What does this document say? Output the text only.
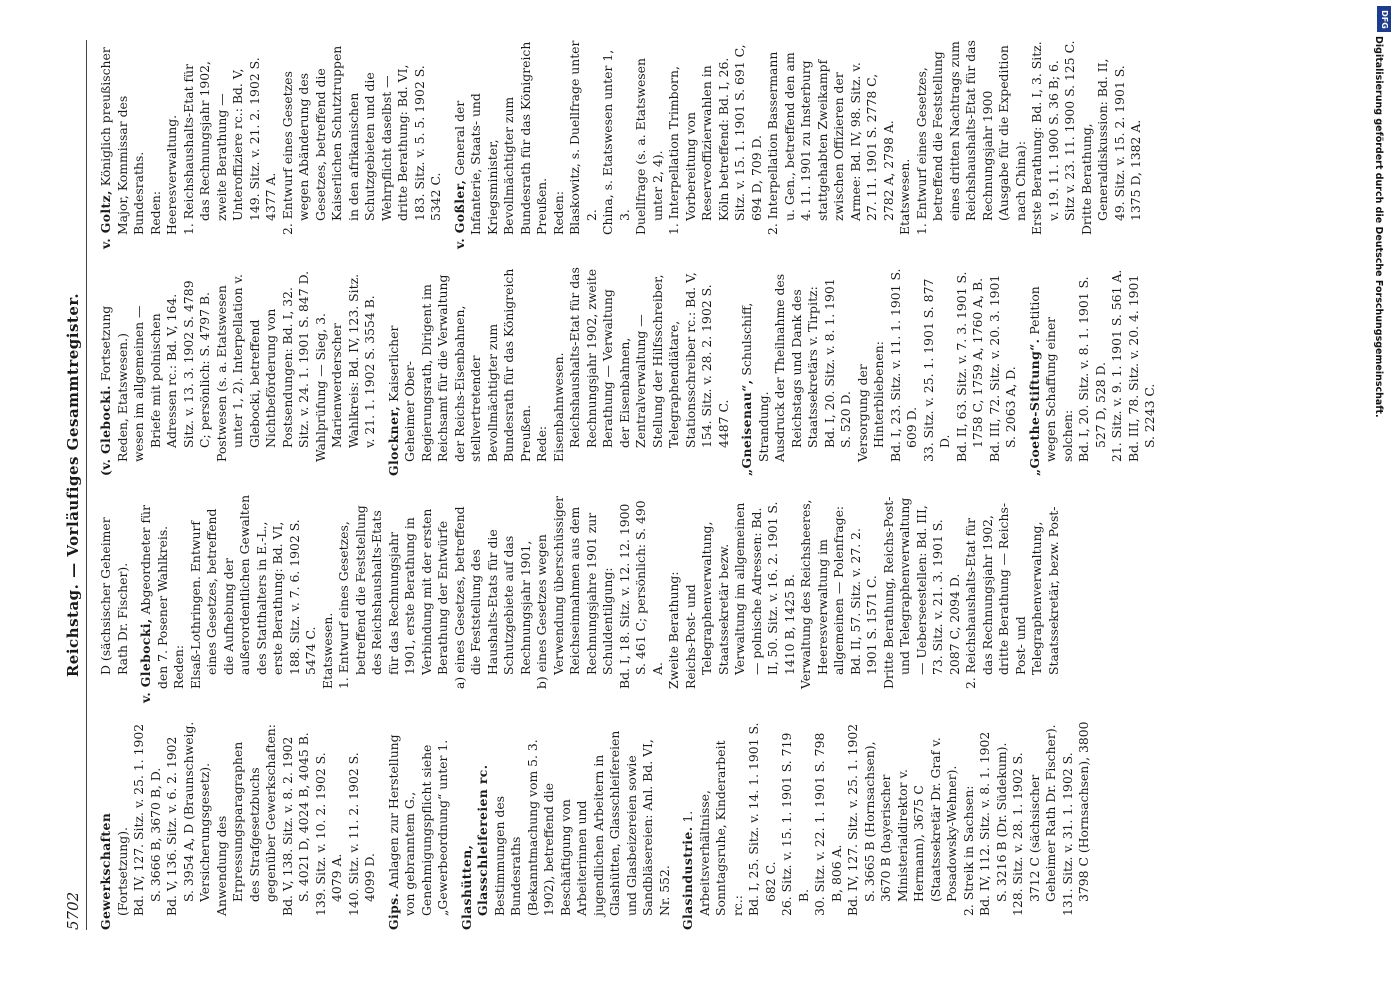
5702
Reichstag. — Vorläufiges Gesammtregister.

Gewerkschaften (Fortsetzung). Bd. IV, 127. Sitz. v. 25. 1. 1902 S. 3666 B, 3670 B, D. Bd. V, 136. Sitz. v. 6. 2. 1902 S. 3954 A, D (Braunschweig. Versicherungsgesetz). Anwendung des Erpressungsparagraphen des Strafgesetzbuchs gegenüber Gewerkschaften: Bd. V, 138. Sitz. v. 8. 2. 1902 S. 4021 D, 4024 B, 4045 B. 139. Sitz. v. 10. 2. 1902 S. 4079 A. 140. Sitz. v. 11. 2. 1902 S. 4099 D.

Gips. Anlagen zur Herstellung von gebranntem G., Genehmigungspflicht siehe „Gewerbeordnung“ unter 1. Glashütten, Glasschleifereien rc. Bestimmungen des Bundesraths (Bekanntmachung vom 5. 3. 1902), betreffend die Beschäftigung von Arbeiterinnen und jugendlichen Arbeitern in Glashütten, Glasschleifereien und Glasbeizereien sowie Sandbläsereien: Anl. Bd. VI, Nr. 552. Glasindustrie. 1. Arbeitsverhältnisse, Sonntagsruhe, Kinderarbeit rc.: Bd. I, 25. Sitz. v. 14. 1. 1901 S. 682 C. 26. Sitz. v. 15. 1. 1901 S. 719 B. 30. Sitz. v. 22. 1. 1901 S. 798 B, 806 A. Bd. IV, 127. Sitz. v. 25. 1. 1902 S. 3665 B (Hornsachsen), 3670 B (bayerischer Ministerialdirektor v. Hermann), 3675 C (Staatssekretär Dr. Graf v. Posadowsky-Wehner). 2. Streik in Sachsen: Bd. IV, 112. Sitz. v. 8. 1. 1902 S. 3216 B (Dr. Südekum). 128. Sitz. v. 28. 1. 1902 S. 3712 C (sächsischer Geheimer Rath Dr. Fischer). 131. Sitz. v. 31. 1. 1902 S. 3798 C (Hornsachsen), 3800 D (sächsischer Geheimer Rath Dr. Fischer). v. Glebocki, Abgeordneter für den 7. Posener Wahlkreis. Reden: Elsaß-Lothringen. Entwurf eines Gesetzes, betreffend die Aufhebung der außerordentlichen Gewalten des Statthalters in E.-L., erste Berathung: Bd. VI, 188. Sitz. v. 7. 6. 1902 S. 5474 C. Etatswesen. 1. Entwurf eines Gesetzes, betreffend die Feststellung des Reichshaushalts-Etats für das Rechnungsjahr 1901, erste Berathung in Verbindung mit der ersten Berathung der Entwürfe a) eines Gesetzes, betreffend die Feststellung des Haushalts-Etats für die Schutzgebiete auf das Rechnungsjahr 1901, b) eines Gesetzes wegen Verwendung überschüssiger Reichseinnahmen aus dem Rechnungsjahre 1901 zur Schuldentilgung: Bd. I, 18. Sitz. v. 12. 12. 1900 S. 461 C; persönlich: S. 490 A. Zweite Berathung: Reichs-Post- und Telegraphenverwaltung, Staatssekretär bezw. Verwaltung im allgemeinen — polnische Adressen: Bd. II, 50. Sitz. v. 16. 2. 1901 S. 1410 B, 1425 B. Verwaltung des Reichsheeres, Heeresverwaltung im allgemeinen — Polenfrage: Bd. II, 57. Sitz. v. 27. 2. 1901 S. 1571 C. Dritte Berathung, Reichs-Post- und Telegraphenverwaltung — Ueberseestellen: Bd. III, 73. Sitz. v. 21. 3. 1901 S. 2087 C, 2094 D. 2. Reichshaushalts-Etat für das Rechnungsjahr 1902, dritte Berathung — Reichs-Post- und Telegraphenverwaltung, Staatssekretär, bezw. Post-

(v. Glebocki. Fortsetzung Reden, Etatswesen.) wesen im allgemeinen — Briefe mit polnischen Adressen rc.: Bd. V, 164. Sitz. v. 13. 3. 1902 S. 4789 C; persönlich: S. 4797 B. Postwesen (s. a. Etatswesen unter 1, 2). Interpellation v. Glebocki, betreffend Nichtbeförderung von Postsendungen: Bd. I, 32. Sitz. v. 24. 1. 1901 S. 847 D. Wahlprüfung — Sieg, 3. Marienwerderscher Wahlkreis: Bd. IV, 123. Sitz. v. 21. 1. 1902 S. 3554 B. Glockner, Kaiserlicher Geheimer Ober-Regierungsrath, Dirigent im Reichsamt für die Verwaltung der Reichs-Eisenbahnen, stellvertretender Bevollmächtigter zum Bundesrath für das Königreich Preußen. Rede: Eisenbahnwesen. Reichshaushalts-Etat für das Rechnungsjahr 1902, zweite Berathung — Verwaltung der Eisenbahnen, Zentralverwaltung — Stellung der Hilfsschreiber, Telegraphendiätare, Stationsschreiber rc.: Bd. V, 154. Sitz. v. 28. 2. 1902 S. 4487 C. „Gneisenau“, Schulschiff, Strandung. Ausdruck der Theilnahme des Reichstags und Dank des Staatssekretärs v. Tirpitz: Bd. I, 20. Sitz. v. 8. 1. 1901 S. 520 D. Versorgung der Hinterbliebenen: Bd. I, 23. Sitz. v. 11. 1. 1901 S. 609 D. 33. Sitz. v. 25. 1. 1901 S. 877 D. Bd. II, 63. Sitz. v. 7. 3. 1901 S. 1758 C, 1759 A, 1760 A, B. Bd. III, 72. Sitz. v. 20. 3. 1901 S. 2063 A, D. „Goethe-Stiftung“. Petition wegen Schaffung einer solchen: Bd. I, 20. Sitz. v. 8. 1. 1901 S. 527 D, 528 D. 21. Sitz. v. 9. 1. 1901 S. 561 A. Bd. III, 78. Sitz. v. 20. 4. 1901 S. 2243 C.

v. Goltz, Königlich preußischer Major, Kommissar des Bundesraths. Reden: Heeresverwaltung. 1. Reichshaushalts-Etat für das Rechnungsjahr 1902, zweite Berathung — Unteroffiziere rc.: Bd. V, 149. Sitz. v. 21. 2. 1902 S. 4377 A. 2. Entwurf eines Gesetzes wegen Abänderung des Gesetzes, betreffend die Kaiserlichen Schutztruppen in den afrikanischen Schutzgebieten und die Wehrpflicht daselbst — dritte Berathung: Bd. VI, 183. Sitz. v. 5. 5. 1902 S. 5342 C. v. Goßler, General der Infanterie, Staats- und Kriegsminister, Bevollmächtigter zum Bundesrath für das Königreich Preußen. Reden: Blaskowitz, s. Duellfrage unter 2. China, s. Etatswesen unter 1, 3. Duellfrage (s. a. Etatswesen unter 2, 4). 1. Interpellation Trimborn, Vorbereitung von Reserveoffizierwahlen in Köln betreffend: Bd. I, 26. Sitz. v. 15. 1. 1901 S. 691 C, 694 D, 709 D. 2. Interpellation Bassermann u. Gen., betreffend den am 4. 11. 1901 zu Insterburg stattgehabten Zweikampf zwischen Offizieren der Armee: Bd. IV, 98. Sitz. v. 27. 11. 1901 S. 2778 C, 2782 A, 2798 A. Etatswesen. 1. Entwurf eines Gesetzes, betreffend die Feststellung eines dritten Nachtrags zum Reichshaushalts-Etat für das Rechnungsjahr 1900 (Ausgabe für die Expedition nach China): Erste Berathung: Bd. I, 3. Sitz. v. 19. 11. 1900 S. 36 B; 6. Sitz v. 23. 11. 1900 S. 125 C. Dritte Berathung, Generaldiskussion: Bd. II, 49. Sitz. v. 15. 2. 1901 S. 1375 D, 1382 A.

DFG
Digitalisierung gefördert durch die Deutsche Forschungsgemeinschaft.
